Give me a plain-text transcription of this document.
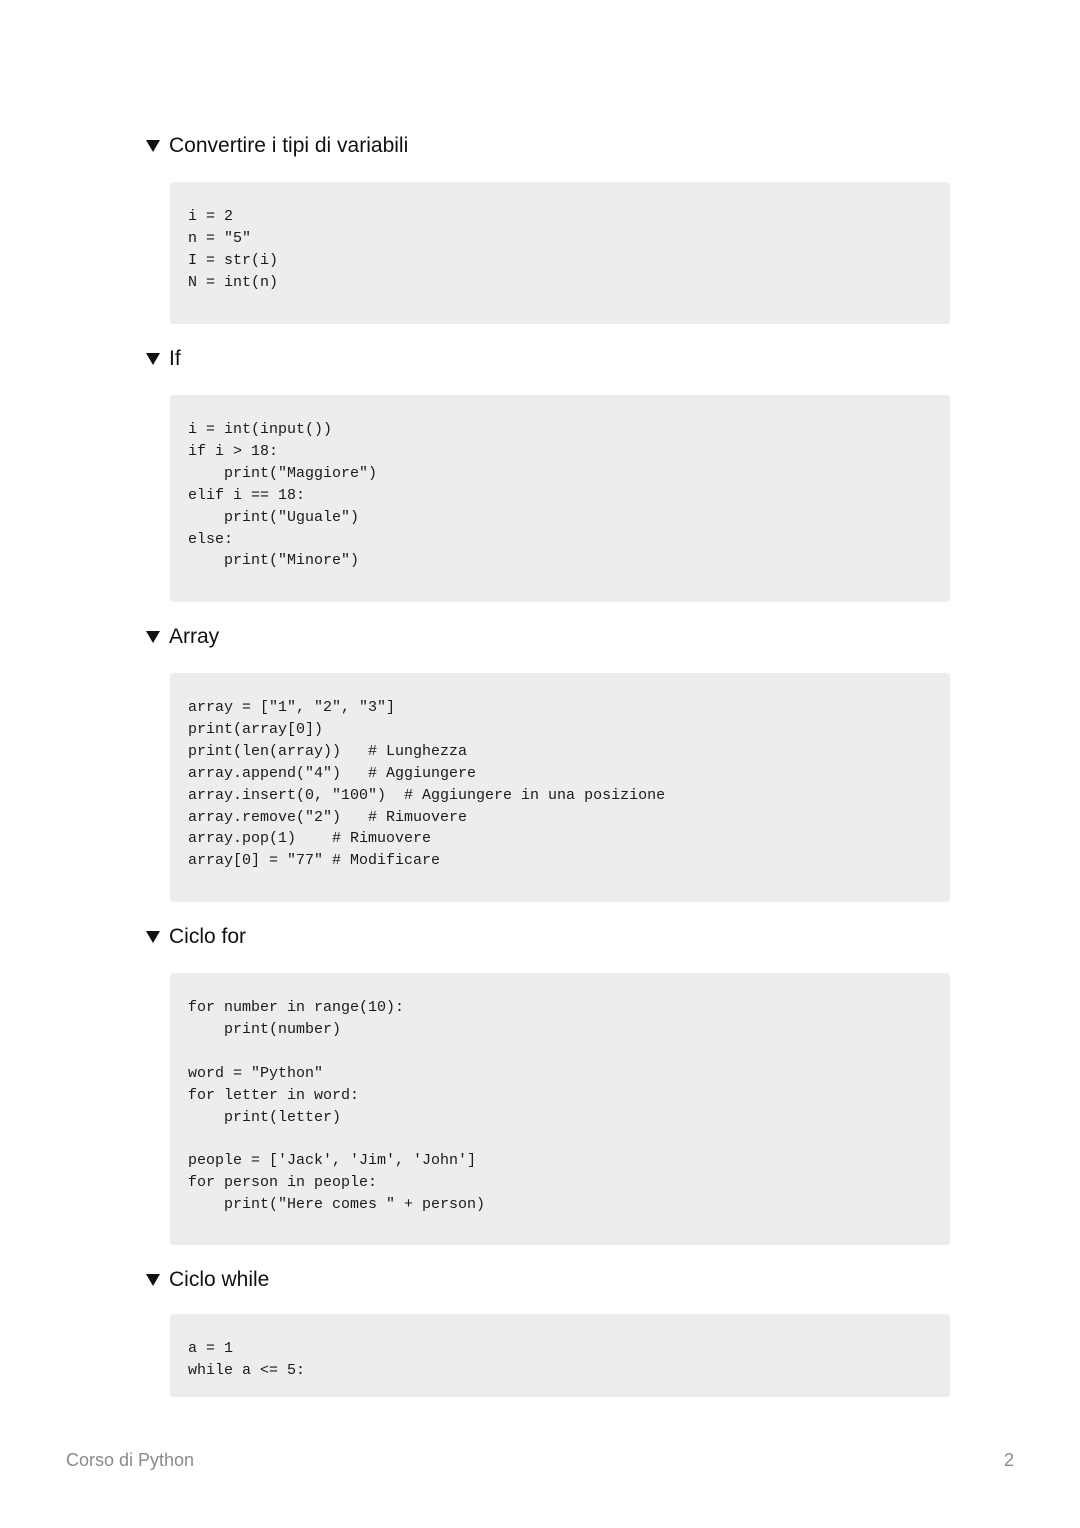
Convertire i tipi di variabili
i = 2
n = "5"
I = str(i)
N = int(n)
If
i = int(input())
if i > 18:
print("Maggiore")
elif i == 18:
print("Uguale")
else:
print("Minore")
Array
array = ["1", "2", "3"]
print(array[0])
print(len(array))   # Lunghezza
array.append("4")   # Aggiungere
array.insert(0, "100")  # Aggiungere in una posizione
array.remove("2")   # Rimuovere
array.pop(1)    # Rimuovere
array[0] = "77" # Modificare
Ciclo for
for number in range(10):
print(number)

word = "Python"
for letter in word:
print(letter)

people = ['Jack', 'Jim', 'John']
for person in people:
print("Here comes " + person)
Ciclo while
a = 1
while a <= 5:
Corso di Python	2
